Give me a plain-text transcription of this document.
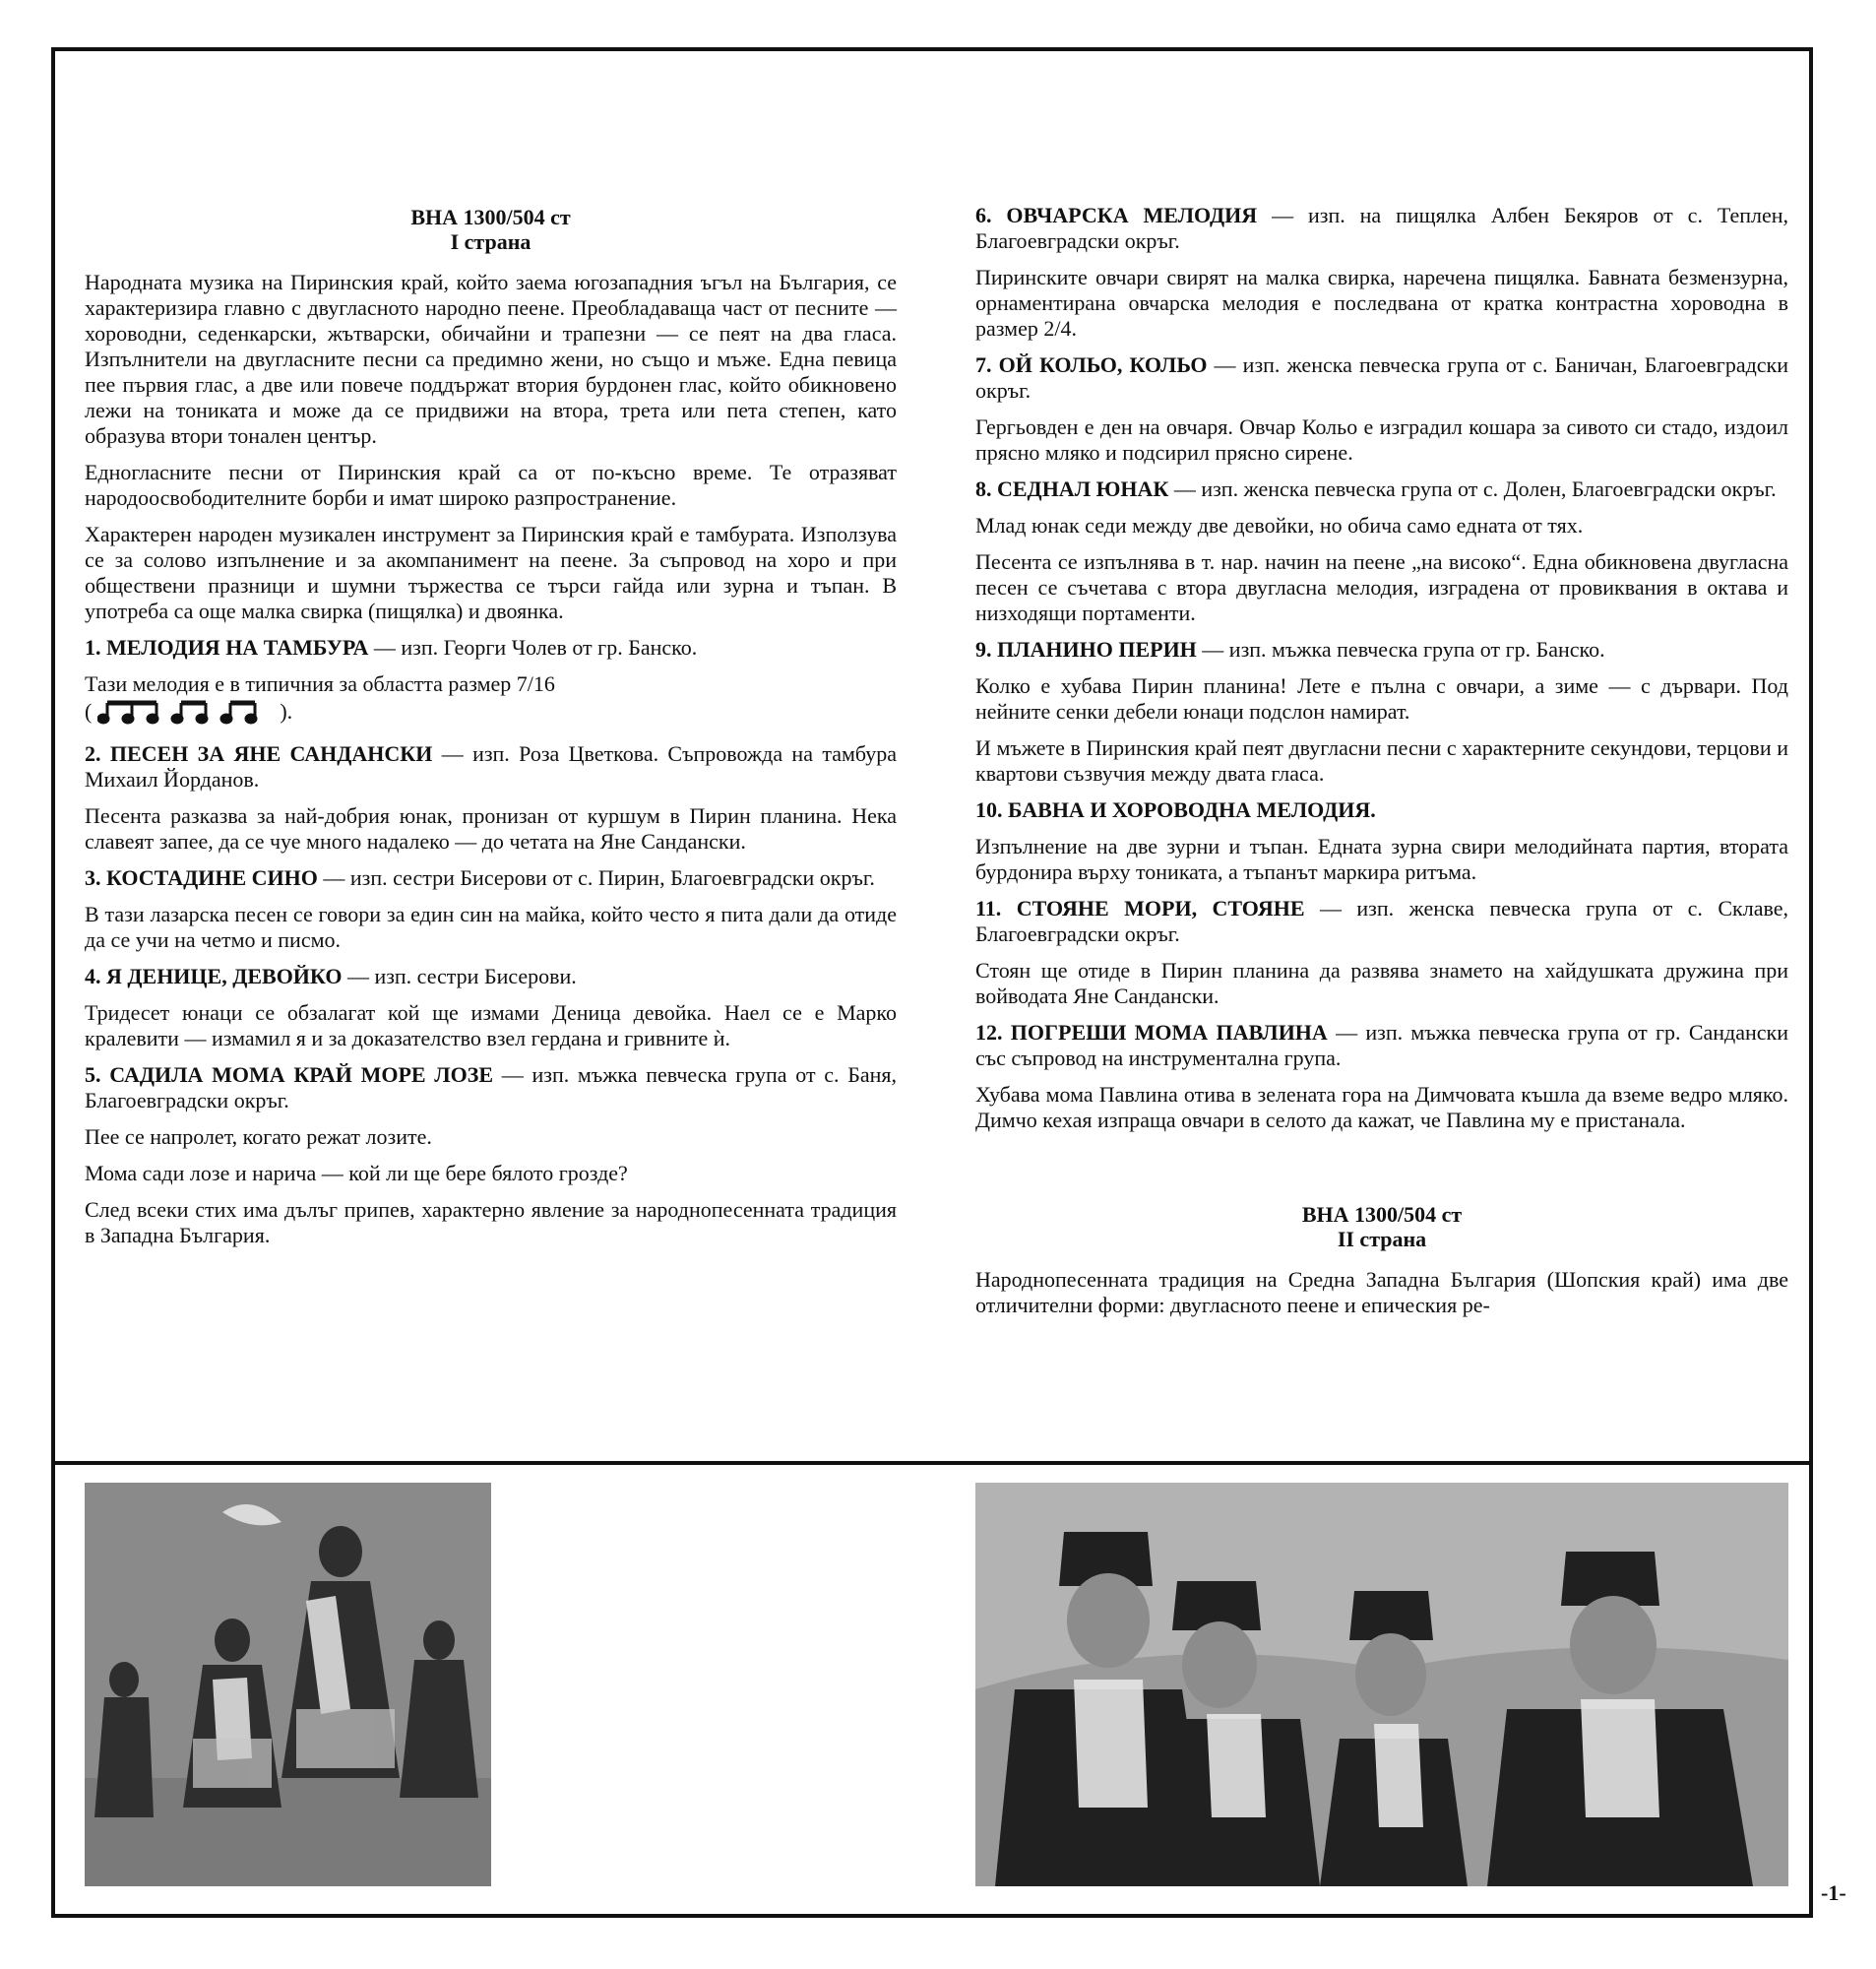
ВНА 1300/504 ст
I страна

Народната музика на Пиринския край, който заема югозападния ъгъл на България, се характеризира главно с двугласното народно пеене. Преобладаваща част от песните — хороводни, седенкарски, жътварски, обичайни и трапезни — се пеят на два гласа. Изпълнители на двугласните песни са предимно жени, но също и мъже. Една певица пее първия глас, а две или повече поддържат втория бурдонен глас, който обикновено лежи на тониката и може да се придвижи на втора, трета или пета степен, като образува втори тонален център.

Едногласните песни от Пиринския край са от по-късно време. Те отразяват народоосвободителните борби и имат широко разпространение.

Характерен народен музикален инструмент за Пиринския край е тамбурата. Използува се за солово изпълнение и за акомпанимент на пеене. За съпровод на хоро и при обществени празници и шумни тържества се търси гайда или зурна и тъпан. В употреба са още малка свирка (пищялка) и двоянка.

1. МЕЛОДИЯ НА ТАМБУРА — изп. Георги Чолев от гр. Банско.

Тази мелодия е в типичния за областта размер 7/16
(	).

2. ПЕСЕН ЗА ЯНЕ САНДАНСКИ — изп. Роза Цветкова. Съпровожда на тамбура Михаил Йорданов.

Песента разказва за най-добрия юнак, пронизан от куршум в Пирин планина. Нека славеят запее, да се чуе много надалеко — до четата на Яне Сандански.

3. КОСТАДИНЕ СИНО — изп. сестри Бисерови от с. Пирин, Благоевградски окръг.

В тази лазарска песен се говори за един син на майка, който често я пита дали да отиде да се учи на четмо и писмо.

4. Я ДЕНИЦЕ, ДЕВОЙКО — изп. сестри Бисерови.

Тридесет юнаци се обзалагат кой ще измами Деница девойка. Наел се е Марко кралевити — измамил я и за доказателство взел гердана и гривните ѝ.

5. САДИЛА МОМА КРАЙ МОРЕ ЛОЗЕ — изп. мъжка певческа група от с. Баня, Благоевградски окръг.

Пее се напролет, когато режат лозите.

Мома сади лозе и нарича — кой ли ще бере бялото грозде?

След всеки стих има дълъг припев, характерно явление за народнопесенната традиция в Западна България.

6. ОВЧАРСКА МЕЛОДИЯ — изп. на пищялка Албен Бекяров от с. Теплен, Благоевградски окръг.

Пиринските овчари свирят на малка свирка, наречена пищялка. Бавната безмензурна, орнаментирана овчарска мелодия е последвана от кратка контрастна хороводна в размер 2/4.

7. ОЙ КОЛЬО, КОЛЬО — изп. женска певческа група от с. Баничан, Благоевградски окръг.

Гергьовден е ден на овчаря. Овчар Кольо е изградил кошара за сивото си стадо, издоил прясно мляко и подсирил прясно сирене.

8. СЕДНАЛ ЮНАК — изп. женска певческа група от с. Долен, Благоевградски окръг.

Млад юнак седи между две девойки, но обича само едната от тях.

Песента се изпълнява в т. нар. начин на пеене „на високо“. Една обикновена двугласна песен се съчетава с втора двугласна мелодия, изградена от провиквания в октава и низходящи портаменти.

9. ПЛАНИНО ПЕРИН — изп. мъжка певческа група от гр. Банско.

Колко е хубава Пирин планина! Лете е пълна с овчари, а зиме — с дървари. Под нейните сенки дебели юнаци подслон намират.

И мъжете в Пиринския край пеят двугласни песни с характерните секундови, терцови и квартови съзвучия между двата гласа.

10. БАВНА И ХОРОВОДНА МЕЛОДИЯ.

Изпълнение на две зурни и тъпан. Едната зурна свири мелодийната партия, втората бурдонира върху тониката, а тъпанът маркира ритъма.

11. СТОЯНЕ МОРИ, СТОЯНЕ — изп. женска певческа група от с. Склаве, Благоевградски окръг.

Стоян ще отиде в Пирин планина да развява знамето на хайдушката дружина при войводата Яне Сандански.

12. ПОГРЕШИ МОМА ПАВЛИНА — изп. мъжка певческа група от гр. Сандански със съпровод на инструментална група.

Хубава мома Павлина отива в зелената гора на Димчовата къшла да вземе ведро мляко. Димчо кехая изпраща овчари в селото да кажат, че Павлина му е пристанала.

ВНА 1300/504 ст
II страна

Народнопесенната традиция на Средна Западна България (Шопския край) има две отличителни форми: двугласното пеене и епическия ре-

-1-
